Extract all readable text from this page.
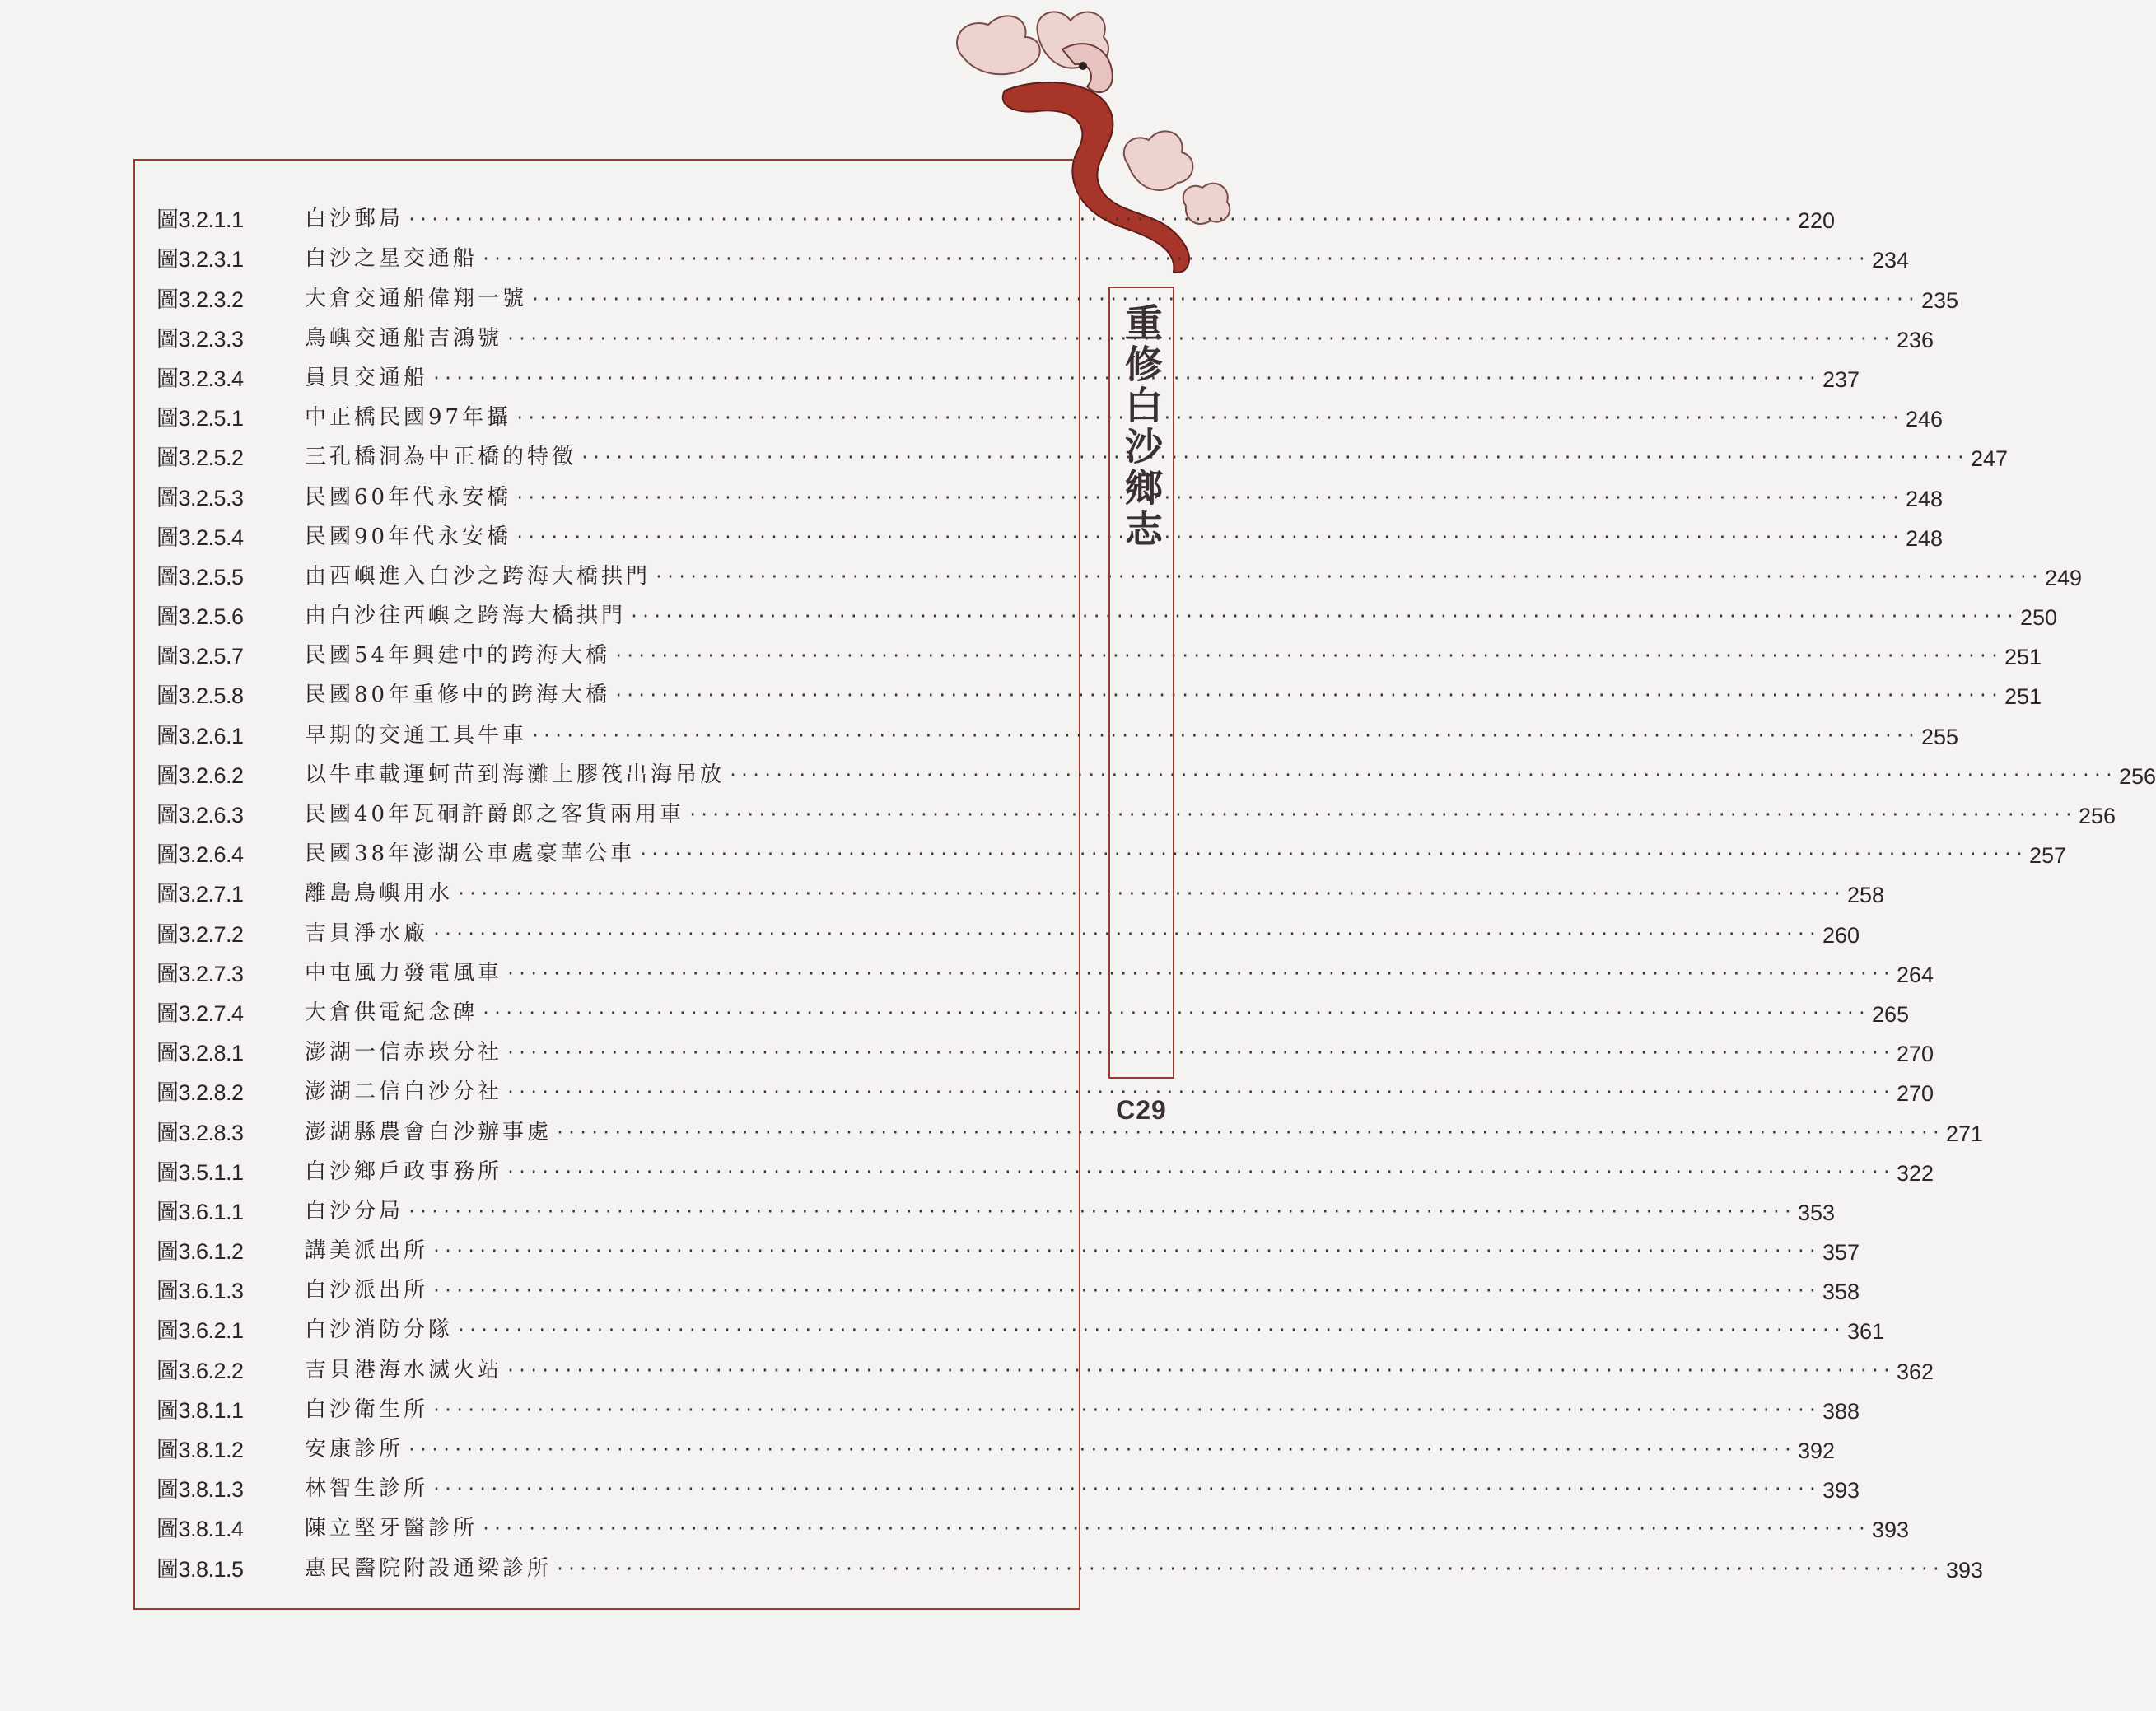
圖3.2.1.1	白沙郵局 ························································································································ 220
圖3.2.3.1	白沙之星交通船 ························································································································ 234
圖3.2.3.2	大倉交通船偉翔一號 ························································································································ 235
圖3.2.3.3	鳥嶼交通船吉鴻號 ························································································································ 236
圖3.2.3.4	員貝交通船 ························································································································ 237
圖3.2.5.1	中正橋民國97年攝 ························································································································ 246
圖3.2.5.2	三孔橋洞為中正橋的特徵 ························································································································ 247
圖3.2.5.3	民國60年代永安橋 ························································································································ 248
圖3.2.5.4	民國90年代永安橋 ························································································································ 248
圖3.2.5.5	由西嶼進入白沙之跨海大橋拱門 ························································································································ 249
圖3.2.5.6	由白沙往西嶼之跨海大橋拱門 ························································································································ 250
圖3.2.5.7	民國54年興建中的跨海大橋 ························································································································ 251
圖3.2.5.8	民國80年重修中的跨海大橋 ························································································································ 251
圖3.2.6.1	早期的交通工具牛車 ························································································································ 255
圖3.2.6.2	以牛車載運蚵苗到海灘上膠筏出海吊放 ························································································································ 256
圖3.2.6.3	民國40年瓦硐許爵郎之客貨兩用車 ························································································································ 256
圖3.2.6.4	民國38年澎湖公車處豪華公車 ························································································································ 257
圖3.2.7.1	離島鳥嶼用水 ························································································································ 258
圖3.2.7.2	吉貝淨水廠 ························································································································ 260
圖3.2.7.3	中屯風力發電風車 ························································································································ 264
圖3.2.7.4	大倉供電紀念碑 ························································································································ 265
圖3.2.8.1	澎湖一信赤崁分社 ························································································································ 270
圖3.2.8.2	澎湖二信白沙分社 ························································································································ 270
圖3.2.8.3	澎湖縣農會白沙辦事處 ························································································································ 271
圖3.5.1.1	白沙鄉戶政事務所 ························································································································ 322
圖3.6.1.1	白沙分局 ························································································································ 353
圖3.6.1.2	講美派出所 ························································································································ 357
圖3.6.1.3	白沙派出所 ························································································································ 358
圖3.6.2.1	白沙消防分隊 ························································································································ 361
圖3.6.2.2	吉貝港海水滅火站 ························································································································ 362
圖3.8.1.1	白沙衛生所 ························································································································ 388
圖3.8.1.2	安康診所 ························································································································ 392
圖3.8.1.3	林智生診所 ························································································································ 393
圖3.8.1.4	陳立堅牙醫診所 ························································································································ 393
圖3.8.1.5	惠民醫院附設通梁診所 ························································································································ 393
重修白沙鄉志
C29
